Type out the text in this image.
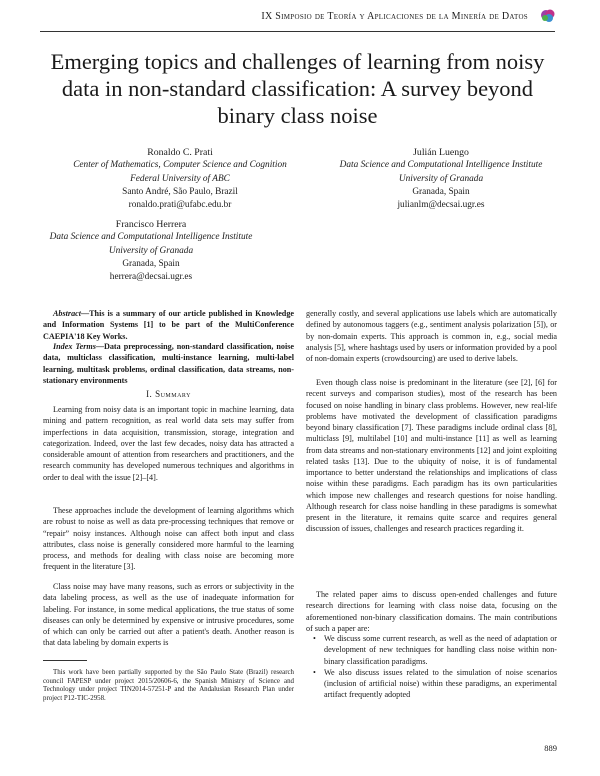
IX Simposio de Teoría y Aplicaciones de la Minería de Datos
Emerging topics and challenges of learning from noisy data in non-standard classification: A survey beyond binary class noise
Ronaldo C. Prati
Center of Mathematics, Computer Science and Cognition
Federal University of ABC
Santo André, São Paulo, Brazil
ronaldo.prati@ufabc.edu.br
Julián Luengo
Data Science and Computational Intelligence Institute
University of Granada
Granada, Spain
julianlm@decsai.ugr.es
Francisco Herrera
Data Science and Computational Intelligence Institute
University of Granada
Granada, Spain
herrera@decsai.ugr.es
Abstract—This is a summary of our article published in Knowledge and Information Systems [1] to be part of the MultiConference CAEPIA'18 Key Works.
Index Terms—Data preprocessing, non-standard classification, noise data, multiclass classification, multi-instance learning, multi-label learning, multitask problems, ordinal classification, data streams, non-stationary environments
I. Summary
Learning from noisy data is an important topic in machine learning, data mining and pattern recognition, as real world data sets may suffer from imperfections in data acquisition, transmission, storage, integration and categorization. Indeed, over the last few decades, noisy data has attracted a considerable amount of attention from researchers and practitioners, and the research community has developed numerous techniques and algorithms in order to deal with the issue [2]–[4].
These approaches include the development of learning algorithms which are robust to noise as well as data pre-processing techniques that remove or “repair” noisy instances. Although noise can affect both input and class attributes, class noise is generally considered more harmful to the learning process, and methods for dealing with class noise are becoming more frequent in the literature [3].
Class noise may have many reasons, such as errors or subjectivity in the data labeling process, as well as the use of inadequate information for labeling. For instance, in some medical applications, the true status of some diseases can only be determined by expensive or intrusive procedures, some of which can only be carried out after a patient's death. Another reason is that data labeling by domain experts is
This work have been partially supported by the São Paulo State (Brazil) research council FAPESP under project 2015/20606-6, the Spanish Ministry of Science and Technology under project TIN2014-57251-P and the Andalusian Research Plan under project P12-TIC-2958.
generally costly, and several applications use labels which are automatically defined by autonomous taggers (e.g., sentiment analysis polarization [5]), or by non-domain experts. This approach is common in, e.g., social media analysis [5], where hashtags used by users or information provided by a pool of non-domain experts (crowdsourcing) are used to derive labels.
Even though class noise is predominant in the literature (see [2], [6] for recent surveys and comparison studies), most of the research has been focused on noise handling in binary class problems. However, new real-life problems have motivated the development of classification paradigms beyond binary classification [7]. These paradigms include ordinal class [8], multiclass [9], multilabel [10] and multi-instance [11] as well as learning from data streams and non-stationary environments [12] and joint exploiting related tasks [13]. Due to the ubiquity of noise, it is of fundamental importance to better understand the relationships and implications of class noise within these paradigms. Each paradigm has its own particularities which impose new challenges and research questions for noise handling. Although research for class noise handling in these paradigms is somewhat present in the literature, it remains quite scarce and requires general discussion of issues, challenges and research practices regarding it.
The related paper aims to discuss open-ended challenges and future research directions for learning with class noise data, focusing on the aforementioned non-binary classification domains. The main contributions of such a paper are:
• We discuss some current research, as well as the need of adaptation or development of new techniques for handling class noise within non-binary classification paradigms.
• We also discuss issues related to the simulation of noise scenarios (inclusion of artificial noise) within these paradigms, an experimental artifact frequently adopted
889
